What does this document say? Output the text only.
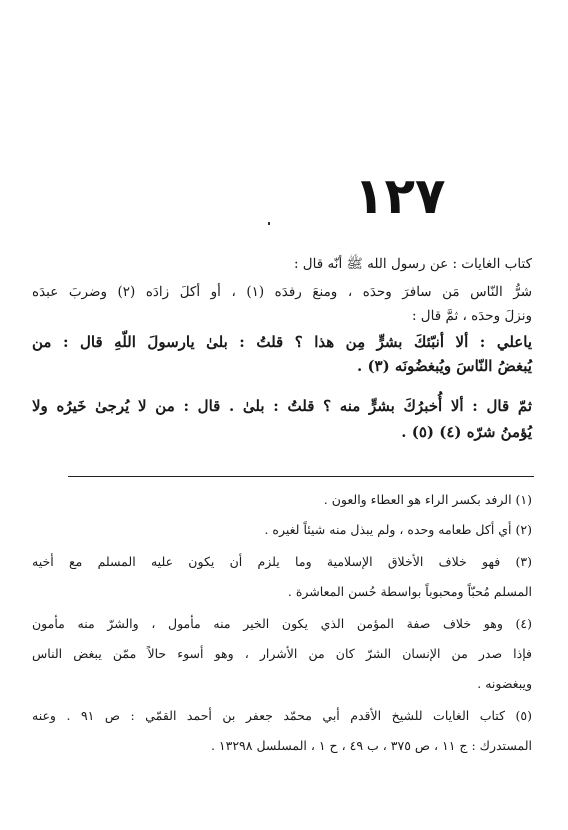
١٢٧
كتاب الغايات : عن رسول الله ﷺ أنّه قال :
شرُّ النّاس مَن سافرَ وحدَه ، ومنعَ رفدَه (١) ، أو أكلَ زادَه (٢) وضربَ عبدَه
ونزلَ وحدَه ، ثمَّ قال :
ياعلي : ألا أنبّئكَ بشرٍّ مِن هذا ؟ قلتُ : بلىٰ يارسولَ اللّهِ قال : من
يُبغضُ النّاسَ ويُبغضُونَه (٣) .
ثمّ قال : ألا أُخبرُكَ بشرٍّ منه ؟ قلتُ : بلىٰ . قال : من لا يُرجىٰ خَيرُه ولا
يُؤمنُ شرّه (٤) (٥) .
(١) الرفد بكسر الراء هو العطاء والعون .
(٢) أي أكل طعامه وحده ، ولم يبذل منه شيئاً لغيره .
(٣) فهو خلاف الأخلاق الإسلامية وما يلزم أن يكون عليه المسلم مع أخيه
المسلم مُحبّاً ومحبوباً بواسطة حُسن المعاشرة .
(٤) وهو خلاف صفة المؤمن الذي يكون الخير منه مأمول ، والشرّ منه مأمون
فإذا صدر من الإنسان الشرّ كان من الأشرار ، وهو أسوء حالاً ممّن يبغض الناس
ويبغضونه .
(٥) كتاب الغايات للشيخ الأقدم أبي محمّد جعفر بن أحمد القمّي : ص ٩١ . وعنه
المستدرك : ج ١١ ، ص ٣٧٥ ، ب ٤٩ ، ح ١ ، المسلسل ١٣٢٩٨ .
